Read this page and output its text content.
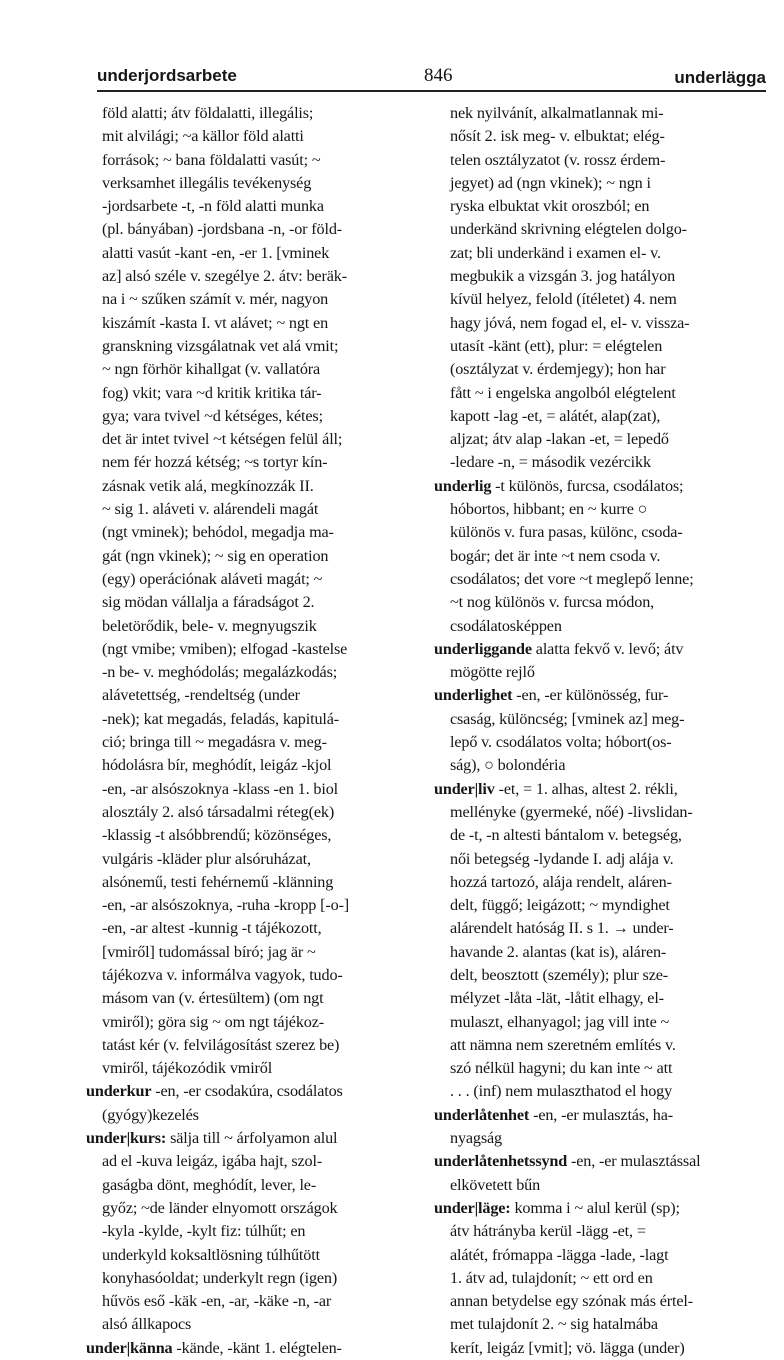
underjordsarbete	846	underlägga
föld alatti; átv földalatti, illegális;
mit alvilági; ~a källor föld alatti
források; ~ bana földalatti vasút; ~
verksamhet illegális tevékenység
-jordsarbete -t, -n föld alatti munka
(pl. bányában) -jordsbana -n, -or föld-
alatti vasút -kant -en, -er 1. [vminek
az] alsó széle v. szegélye 2. átv: beräk-
na i ~ szűken számít v. mér, nagyon
kiszámít -kasta I. vt alávet; ~ ngt en
granskning vizsgálatnak vet alá vmit;
~ ngn förhör kihallgat (v. vallatóra
fog) vkit; vara ~d kritik kritika tár-
gya; vara tvivel ~d kétséges, kétes;
det är intet tvivel ~t kétségen felül áll;
nem fér hozzá kétség; ~s tortyr kín-
zásnak vetik alá, megkínozzák II.
~ sig 1. aláveti v. alárendeli magát
(ngt vminek); behódol, megadja ma-
gát (ngn vkinek); ~ sig en operation
(egy) operációnak aláveti magát; ~
sig mödan vállalja a fáradságot 2.
beletörődik, bele- v. megnyugszik
(ngt vmibe; vmiben); elfogad -kastelse
-n be- v. meghódolás; megalázkodás;
alávetettség, -rendeltség (under
-nek); kat megadás, feladás, kapitulá-
ció; bringa till ~ megadásra v. meg-
hódolásra bír, meghódít, leigáz -kjol
-en, -ar alsószoknya -klass -en 1. biol
alosztály 2. alsó társadalmi réteg(ek)
-klassig -t alsóbbrendű; közönséges,
vulgáris -kläder plur alsóruházat,
alsónemű, testi fehérnemű -klänning
-en, -ar alsószoknya, -ruha -kropp [-o-]
-en, -ar altest -kunnig -t tájékozott,
[vmiről] tudomással bíró; jag är ~
tájékozva v. informálva vagyok, tudo-
másom van (v. értesültem) (om ngt
vmiről); göra sig ~ om ngt tájékoz-
tatást kér (v. felvilágosítást szerez be)
vmiről, tájékozódik vmiről
underkur -en, -er csodakúra, csodálatos
(gyógy)kezelés
under|kurs: sälja till ~ árfolyamon alul
ad el -kuva leigáz, igába hajt, szol-
gaságba dönt, meghódít, lever, le-
győz; ~de länder elnyomott országok
-kyla -kylde, -kylt fiz: túlhűt; en
underkyld koksaltlösning túlhűtött
konyhasóoldat; underkylt regn (igen)
hűvös eső -käk -en, -ar, -käke -n, -ar
alsó állkapocs
under|känna -kände, -känt 1. elégtelen-
nek nyilvánít, alkalmatlannak mi-
nősít 2. isk meg- v. elbuktat; elég-
telen osztályzatot (v. rossz érdem-
jegyet) ad (ngn vkinek); ~ ngn i
ryska elbuktat vkit oroszból; en
underkänd skrivning elégtelen dolgo-
zat; bli underkänd i examen el- v.
megbukik a vizsgán 3. jog hatályon
kívül helyez, felold (ítéletet) 4. nem
hagy jóvá, nem fogad el, el- v. vissza-
utasít -känt (ett), plur: = elégtelen
(osztályzat v. érdemjegy); hon har
fått ~ i engelska angolból elégtelent
kapott -lag -et, = alátét, alap(zat),
aljzat; átv alap -lakan -et, = lepedő
-ledare -n, = második vezércikk
underlig -t különös, furcsa, csodálatos;
hóbortos, hibbant; en ~ kurre ○
különös v. fura pasas, különc, csoda-
bogár; det är inte ~t nem csoda v.
csodálatos; det vore ~t meglepő lenne;
~t nog különös v. furcsa módon,
csodálatosképpen
underliggande alatta fekvő v. levő; átv
mögötte rejlő
underlighet -en, -er különösség, fur-
csaság, különcség; [vminek az] meg-
lepő v. csodálatos volta; hóbort(os-
ság), ○ bolondéria
under|liv -et, = 1. alhas, altest 2. rékli,
mellényke (gyermeké, nőé) -livslidan-
de -t, -n altesti bántalom v. betegség,
női betegség -lydande I. adj alája v.
hozzá tartozó, alája rendelt, aláren-
delt, függő; leigázott; ~ myndighet
alárendelt hatóság II. s 1. → under-
havande 2. alantas (kat is), aláren-
delt, beosztott (személy); plur sze-
mélyzet -låta -lät, -låtit elhagy, el-
mulaszt, elhanyagol; jag vill inte ~
att nämna nem szeretném említés v.
szó nélkül hagyni; du kan inte ~ att
. . . (inf) nem mulaszthatod el hogy
underlåtenhet -en, -er mulasztás, ha-
nyagság
underlåtenhetssynd -en, -er mulasztással
elkövetett bűn
under|läge: komma i ~ alul kerül (sp);
átv hátrányba kerül -lägg -et, =
alátét, frómappa -lägga -lade, -lagt
1. átv ad, tulajdonít; ~ ett ord en
annan betydelse egy szónak más értel-
met tulajdonít 2. ~ sig hatalmába
kerít, leigáz [vmit]; vö. lägga (under)
